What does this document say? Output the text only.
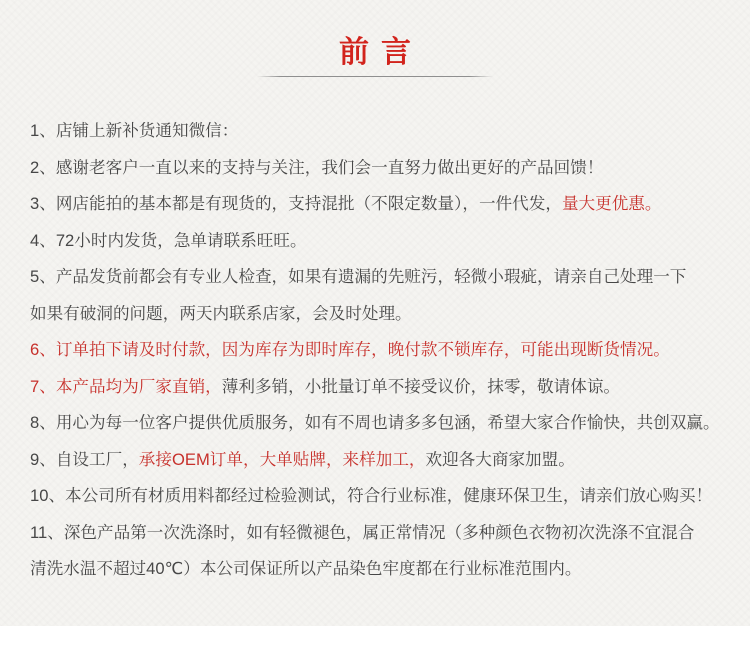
前言
1、店铺上新补货通知微信：
2、感谢老客户一直以来的支持与关注，我们会一直努力做出更好的产品回馈！
3、网店能拍的基本都是有现货的，支持混批（不限定数量），一件代发，量大更优惠。
4、72小时内发货，急单请联系旺旺。
5、产品发货前都会有专业人检查，如果有遗漏的先赃污，轻微小瑕疵，请亲自己处理一下
如果有破洞的问题，两天内联系店家，会及时处理。
6、订单拍下请及时付款，因为库存为即时库存，晚付款不锁库存，可能出现断货情况。
7、本产品均为厂家直销，薄利多销，小批量订单不接受议价，抹零，敬请体谅。
8、用心为每一位客户提供优质服务，如有不周也请多多包涵，希望大家合作愉快，共创双赢。
9、自设工厂，承接OEM订单，大单贴牌，来样加工，欢迎各大商家加盟。
10、本公司所有材质用料都经过检验测试，符合行业标准，健康环保卫生，请亲们放心购买！
11、深色产品第一次洗涤时，如有轻微褪色，属正常情况（多种颜色衣物初次洗涤不宜混合
清洗水温不超过40℃）本公司保证所以产品染色牢度都在行业标准范围内。
